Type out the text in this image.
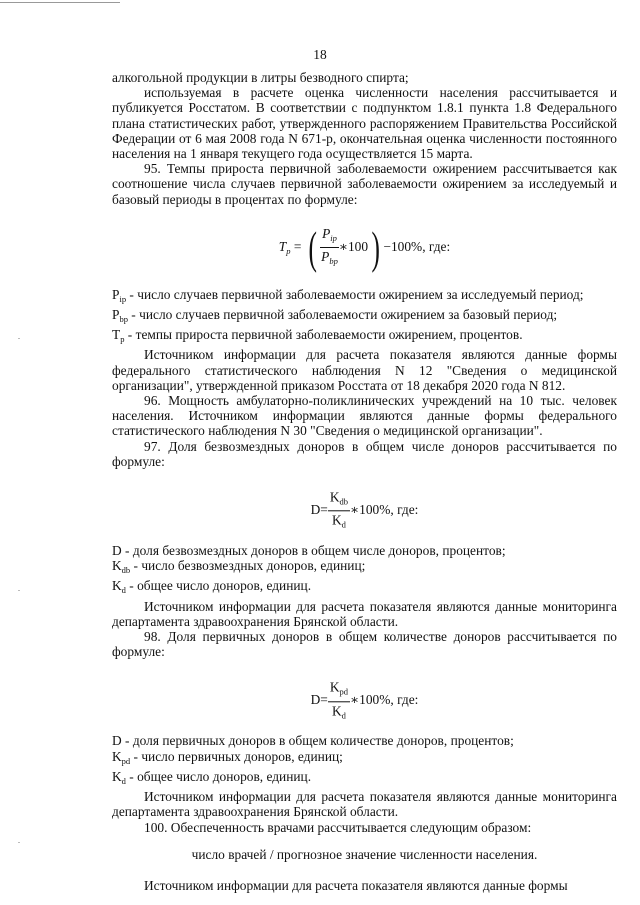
18

алкогольной продукции в литры безводного спирта;

используемая в расчете оценка численности населения рассчитывается и публикуется Росстатом. В соответствии с подпунктом 1.8.1 пункта 1.8 Федерального плана статистических работ, утвержденного распоряжением Правительства Российской Федерации от 6 мая 2008 года N 671-р, окончательная оценка численности постоянного населения на 1 января текущего года осуществляется 15 марта.

95. Темпы прироста первичной заболеваемости ожирением рассчитывается как соотношение числа случаев первичной заболеваемости ожирением за исследуемый и базовый периоды в процентах по формуле:

$T_p$ = ( $\frac{P_{ip}}{P_{bp}}$ ∗100) −100%, где:

$P_{ip}$ - число случаев первичной заболеваемости ожирением за исследуемый период;

$P_{bp}$ - число случаев первичной заболеваемости ожирением за базовый период;

$T_p$ - темпы прироста первичной заболеваемости ожирением, процентов.

Источником информации для расчета показателя являются данные формы федерального статистического наблюдения N 12 "Сведения о медицинской организации", утвержденной приказом Росстата от 18 декабря 2020 года N 812.

96. Мощность амбулаторно-поликлинических учреждений на 10 тыс. человек населения. Источником информации являются данные формы федерального статистического наблюдения N 30 "Сведения о медицинской организации".

97. Доля безвозмездных доноров в общем числе доноров рассчитывается по формуле:

$D= \frac{K_{db}}{K_d}$ ∗100%, где:

D - доля безвозмездных доноров в общем числе доноров, процентов;

$K_{db}$ - число безвозмездных доноров, единиц;

$K_d$ - общее число доноров, единиц.

Источником информации для расчета показателя являются данные мониторинга департамента здравоохранения Брянской области.

98. Доля первичных доноров в общем количестве доноров рассчитывается по формуле:

$D= \frac{K_{pd}}{K_d}$ ∗100%, где:

D - доля первичных доноров в общем количестве доноров, процентов;

$K_{pd}$ - число первичных доноров, единиц;

$K_d$ - общее число доноров, единиц.

Источником информации для расчета показателя являются данные мониторинга департамента здравоохранения Брянской области.

100. Обеспеченность врачами рассчитывается следующим образом:

число врачей / прогнозное значение численности населения.

Источником информации для расчета показателя являются данные формы
